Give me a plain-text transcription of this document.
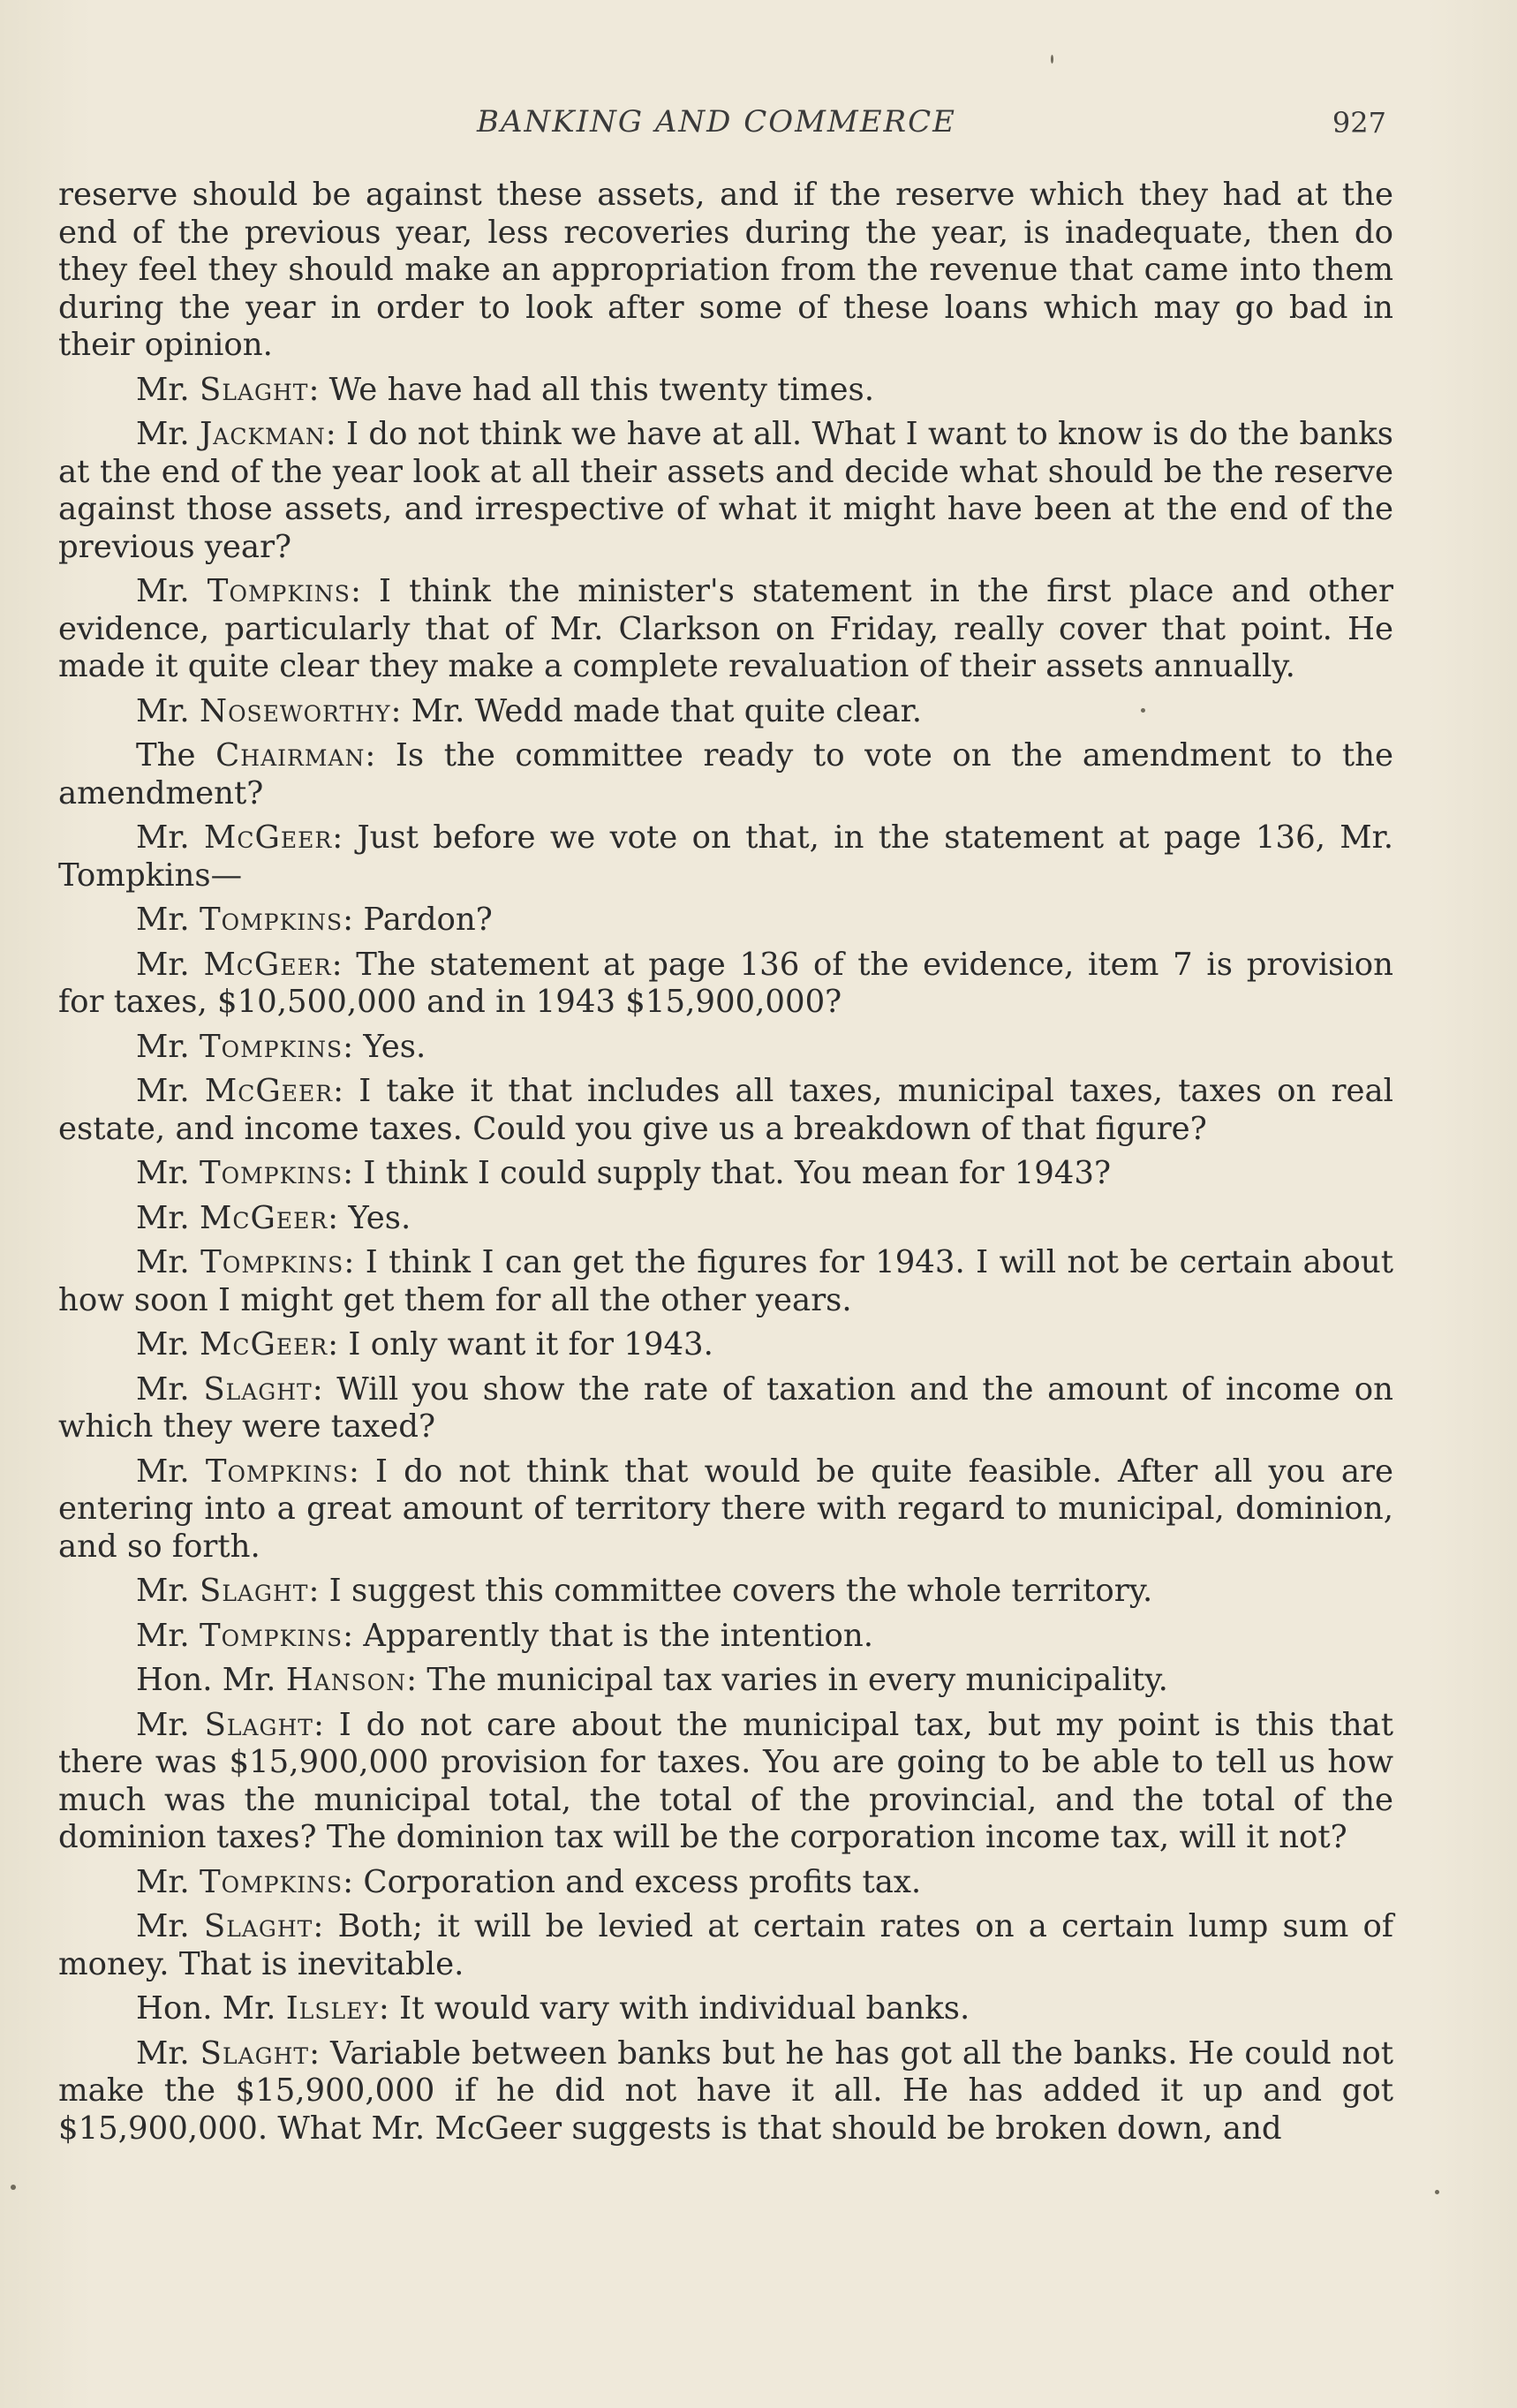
BANKING AND COMMERCE	927

reserve should be against these assets, and if the reserve which they had at the end of the previous year, less recoveries during the year, is inadequate, then do they feel they should make an appropriation from the revenue that came into them during the year in order to look after some of these loans which may go bad in their opinion.

Mr. Slaght: We have had all this twenty times.

Mr. Jackman: I do not think we have at all. What I want to know is do the banks at the end of the year look at all their assets and decide what should be the reserve against those assets, and irrespective of what it might have been at the end of the previous year?

Mr. Tompkins: I think the minister's statement in the first place and other evidence, particularly that of Mr. Clarkson on Friday, really cover that point. He made it quite clear they make a complete revaluation of their assets annually.

Mr. Noseworthy: Mr. Wedd made that quite clear.

The Chairman: Is the committee ready to vote on the amendment to the amendment?

Mr. McGeer: Just before we vote on that, in the statement at page 136, Mr. Tompkins—

Mr. Tompkins: Pardon?

Mr. McGeer: The statement at page 136 of the evidence, item 7 is provision for taxes, $10,500,000 and in 1943 $15,900,000?

Mr. Tompkins: Yes.

Mr. McGeer: I take it that includes all taxes, municipal taxes, taxes on real estate, and income taxes. Could you give us a breakdown of that figure?

Mr. Tompkins: I think I could supply that. You mean for 1943?

Mr. McGeer: Yes.

Mr. Tompkins: I think I can get the figures for 1943. I will not be certain about how soon I might get them for all the other years.

Mr. McGeer: I only want it for 1943.

Mr. Slaght: Will you show the rate of taxation and the amount of income on which they were taxed?

Mr. Tompkins: I do not think that would be quite feasible. After all you are entering into a great amount of territory there with regard to municipal, dominion, and so forth.

Mr. Slaght: I suggest this committee covers the whole territory.

Mr. Tompkins: Apparently that is the intention.

Hon. Mr. Hanson: The municipal tax varies in every municipality.

Mr. Slaght: I do not care about the municipal tax, but my point is this that there was $15,900,000 provision for taxes. You are going to be able to tell us how much was the municipal total, the total of the provincial, and the total of the dominion taxes? The dominion tax will be the corporation income tax, will it not?

Mr. Tompkins: Corporation and excess profits tax.

Mr. Slaght: Both; it will be levied at certain rates on a certain lump sum of money. That is inevitable.

Hon. Mr. Ilsley: It would vary with individual banks.

Mr. Slaght: Variable between banks but he has got all the banks. He could not make the $15,900,000 if he did not have it all. He has added it up and got $15,900,000. What Mr. McGeer suggests is that should be broken down, and
